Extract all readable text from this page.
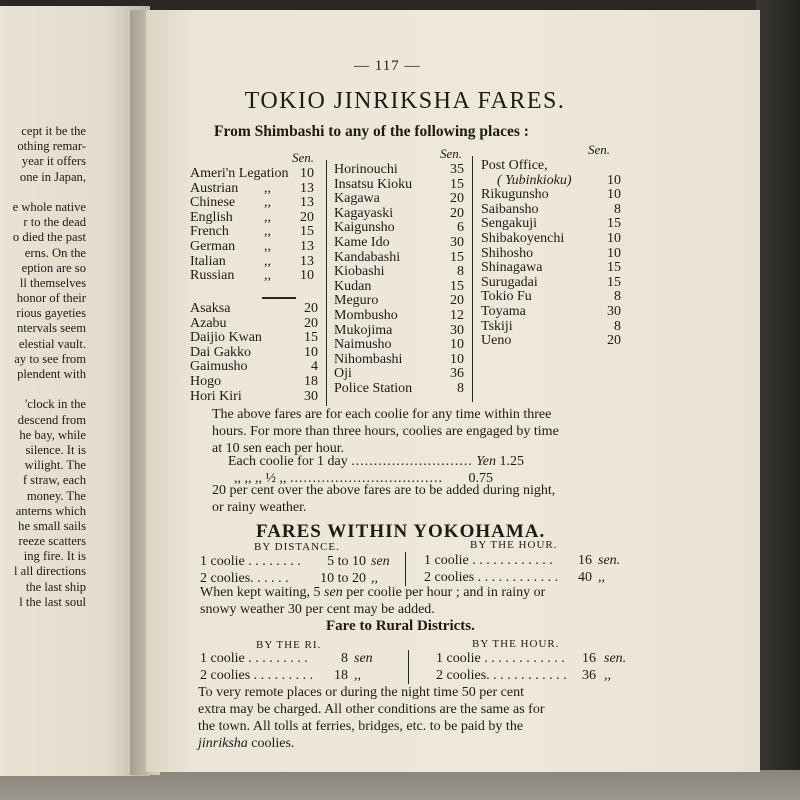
cept it be the
othing remar-
year it offers
one in Japan,
e whole native
r to the dead
o died the past
erns. On the
eption are so
ll themselves
honor of their
rious gayeties
ntervals seem
elestial vault.
ay to see from
plendent with
'clock in the
descend from
he bay, while
silence. It is
wilight. The
f straw, each
money. The
anterns which
he small sails
reeze scatters
ing fire. It is
l all directions
the last ship
l the last soul
— 117 —
TOKIO JINRIKSHA FARES.
From Shimbashi to any of the following places :
Sen.	Sen.	Sen.
Ameri'n Legation 10
Austrian ,, 13
Chinese ,, 13
English ,, 20
French	,, 15
German ,, 13
Italian	,, 13
Russian ,, 10
Asaksa	20
Azabu	20
Daijio Kwan	15
Dai Gakko	10
Gaimusho	4
Hogo	18
Hori Kiri	30
Horinouchi	35
Insatsu Kioku	15
Kagawa	20
Kagayaski	20
Kaigunsho	6
Kame Ido	30
Kandabashi	15
Kiobashi	8
Kudan	15
Meguro	20
Mombusho	12
Mukojima	30
Naimusho	10
Nihombashi	10
Oji	36
Police Station	8
Post Office,
( Yubinkioku)	10
Rikugunsho	10
Saibansho	8
Sengakuji	15
Shibakoyenchi	10
Shihosho	10
Shinagawa	15
Surugadai	15
Tokio Fu	8
Toyama	30
Tskiji	8
Ueno	20
The above fares are for each coolie for any time within three
hours. For more than three hours, coolies are engaged by time
at 10 sen each per hour.
Each coolie for 1 day ........................... Yen 1.25
,, ,, ,, ½ ,, .................................. 0.75
20 per cent over the above fares are to be added during night,
or rainy weather.
FARES WITHIN YOKOHAMA.
BY DISTANCE.	BY THE HOUR.
1 coolie . . . . . . . .	5 to 10 sen
2 coolies. . . . . .	10 to 20 ,,
1 coolie . . . . . . . . . . . .	16 sen.
2 coolies . . . . . . . . . . . .	40 ,,
When kept waiting, 5 sen per coolie per hour ; and in rainy or
snowy weather 30 per cent may be added.
Fare to Rural Districts.
BY THE RI.	BY THE HOUR.
1 coolie . . . . . . . . .	8 sen
2 coolies . . . . . . . . .	18 ,,
1 coolie . . . . . . . . . . . .	16 sen.
2 coolies. . . . . . . . . . . .	36 ,,
To very remote places or during the night time 50 per cent
extra may be charged. All other conditions are the same as for
the town. All tolls at ferries, bridges, etc. to be paid by the
jinriksha coolies.
